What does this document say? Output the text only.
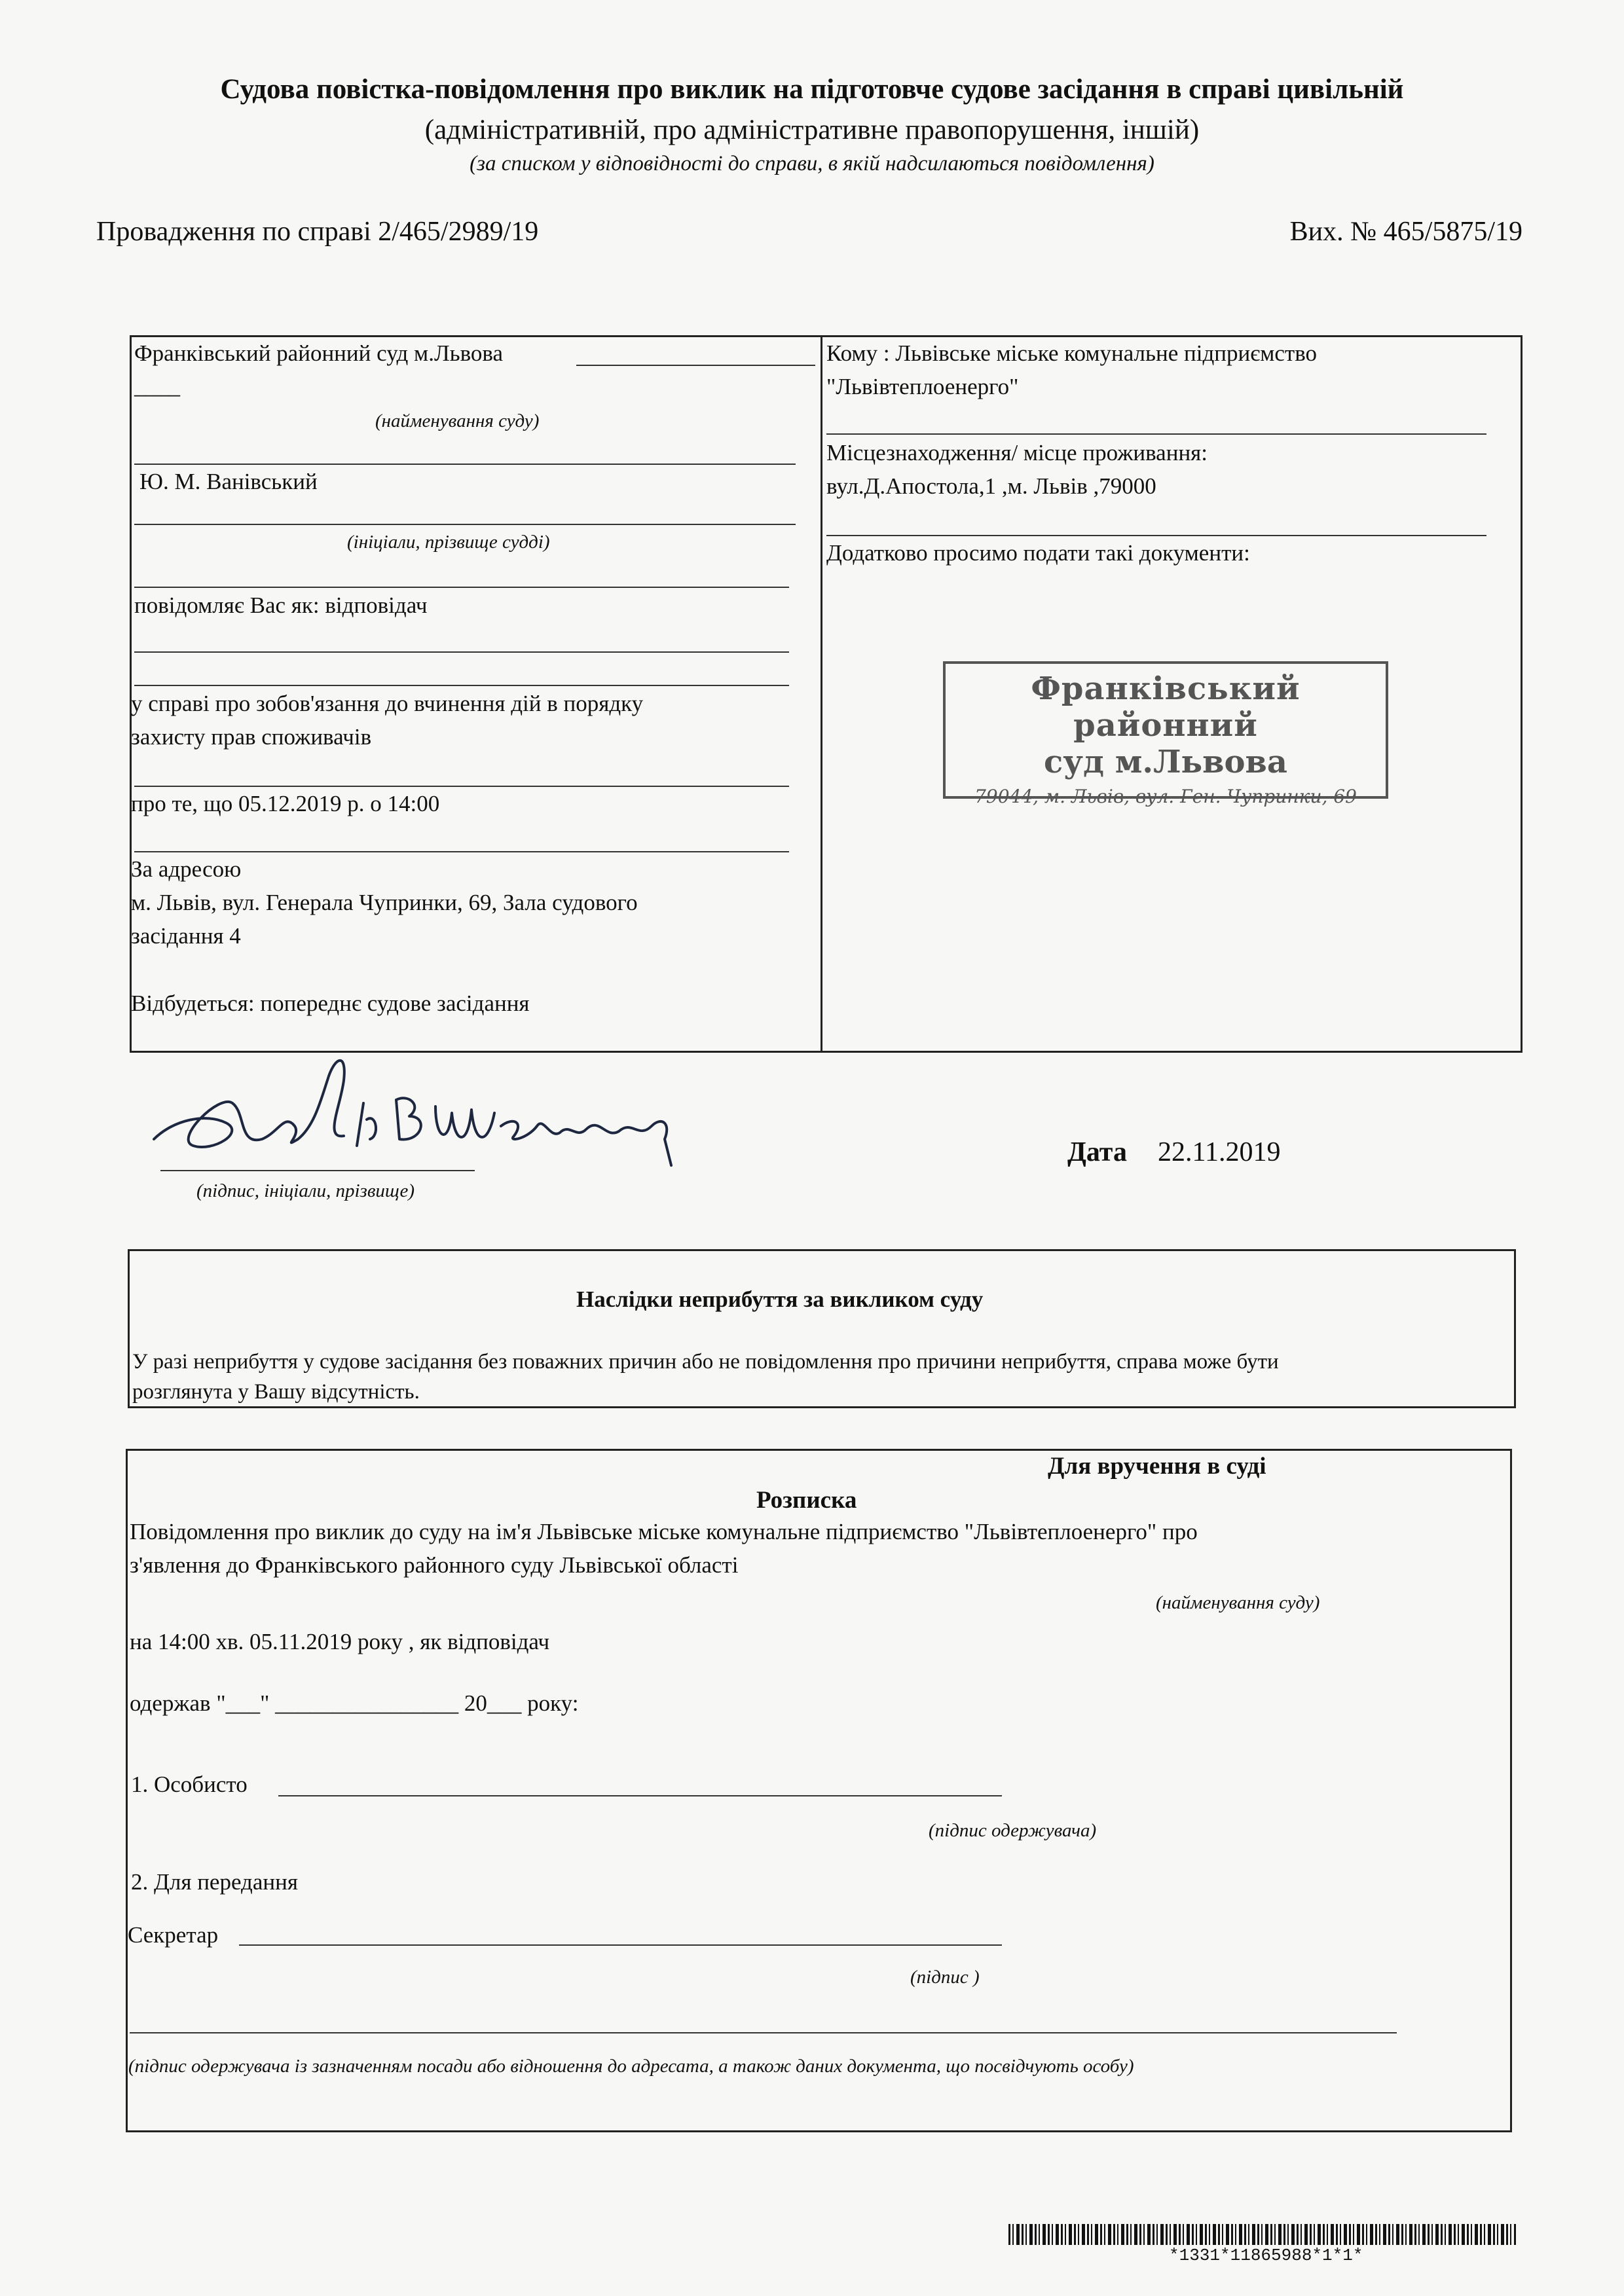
Судова повістка-повідомлення про виклик на підготовче судове засідання в справі цивільній
(адміністративній, про адміністративне правопорушення, іншій)
(за списком у відповідності до справи, в якій надсилаються повідомлення)
Провадження по справі 2/465/2989/19	Вих. № 465/5875/19
Франківський районний суд м.Львова
____
(найменування суду)
Ю. М. Ванівський
(ініціали, прізвище судді)
повідомляє Вас як: відповідач
у справі про зобов'язання до вчинення дій в порядку
захисту прав споживачів
про те, що 05.12.2019 р. о 14:00
За адресою
м. Львів, вул. Генерала Чупринки, 69, Зала судового
засідання 4
Відбудеться: попереднє судове засідання
Кому : Львівське міське комунальне підприємство
"Львівтеплоенерго"
Місцезнаходження/ місце проживання:
вул.Д.Апостола,1 ,м. Львів ,79000
Додатково просимо подати такі документи:
Франківський районний
суд м.Львова
79044, м. Львів, вул. Ген. Чупринки, 69
(підпис, ініціали, прізвище)
Дата 22.11.2019
Наслідки неприбуття за викликом суду
У разі неприбуття у судове засідання без поважних причин або не повідомлення про причини неприбуття, справа може бути
розглянута у Вашу відсутність.
Для вручення в суді
Розписка
Повідомлення про виклик до суду на ім'я Львівське міське комунальне підприємство "Львівтеплоенерго" про
з'явлення до Франківського районного суду Львівської області
(найменування суду)
на 14:00 хв. 05.11.2019 року , як відповідач
одержав "___" ________________ 20___ року:
1. Особисто
(підпис одержувача)
2. Для передання
Секретар
(підпис )
(підпис одержувача із зазначенням посади або відношення до адресата, а також даних документа, що посвідчують особу)
*1331*11865988*1*1*
